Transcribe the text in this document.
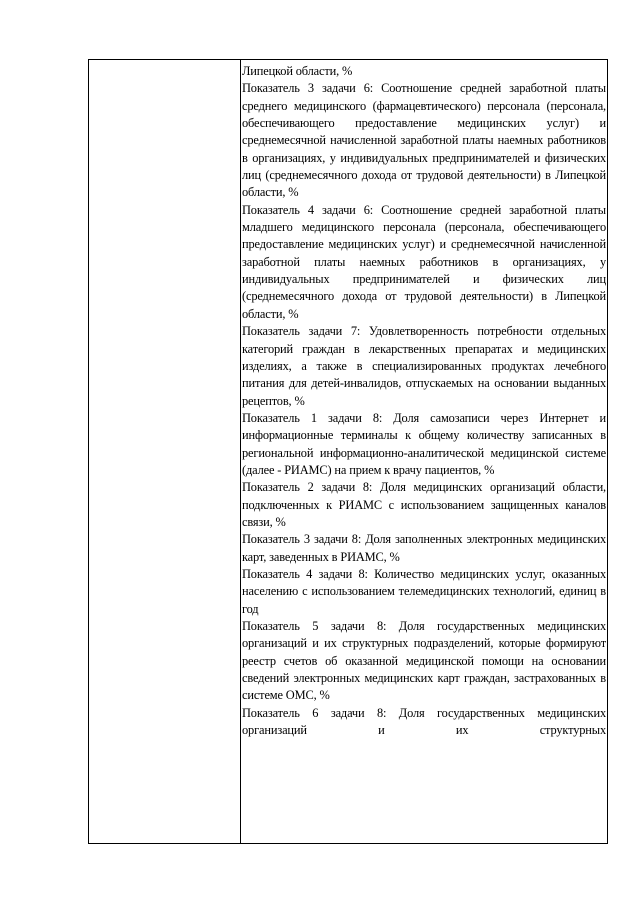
Липецкой области, %

Показатель 3 задачи 6: Соотношение средней заработной платы среднего медицинского (фармацевтического) персонала (персонала, обеспечивающего предоставление медицинских услуг) и среднемесячной начисленной заработной платы наемных работников в организациях, у индивидуальных предпринимателей и физических лиц (среднемесячного дохода от трудовой деятельности) в Липецкой области, %

Показатель 4 задачи 6: Соотношение средней заработной платы младшего медицинского персонала (персонала, обеспечивающего предоставление медицинских услуг) и среднемесячной начисленной заработной платы наемных работников в организациях, у индивидуальных предпринимателей и физических лиц (среднемесячного дохода от трудовой деятельности) в Липецкой области, %

Показатель задачи 7: Удовлетворенность потребности отдельных категорий граждан в лекарственных препаратах и медицинских изделиях, а также в специализированных продуктах лечебного питания для детей-инвалидов, отпускаемых на основании выданных рецептов, %

Показатель 1 задачи 8: Доля самозаписи через Интернет и информационные терминалы к общему количеству записанных в региональной информационно-аналитической медицинской системе (далее - РИАМС) на прием к врачу пациентов, %

Показатель 2 задачи 8: Доля медицинских организаций области, подключенных к РИАМС с использованием защищенных каналов связи, %

Показатель 3 задачи 8: Доля заполненных электронных медицинских карт, заведенных в РИАМС, %

Показатель 4 задачи 8: Количество медицинских услуг, оказанных населению с использованием телемедицинских технологий, единиц в год

Показатель 5 задачи 8: Доля государственных медицинских организаций и их структурных подразделений, которые формируют реестр счетов об оказанной медицинской помощи на основании сведений электронных медицинских карт граждан, застрахованных в системе ОМС, %

Показатель 6 задачи 8: Доля государственных медицинских организаций и их структурных
